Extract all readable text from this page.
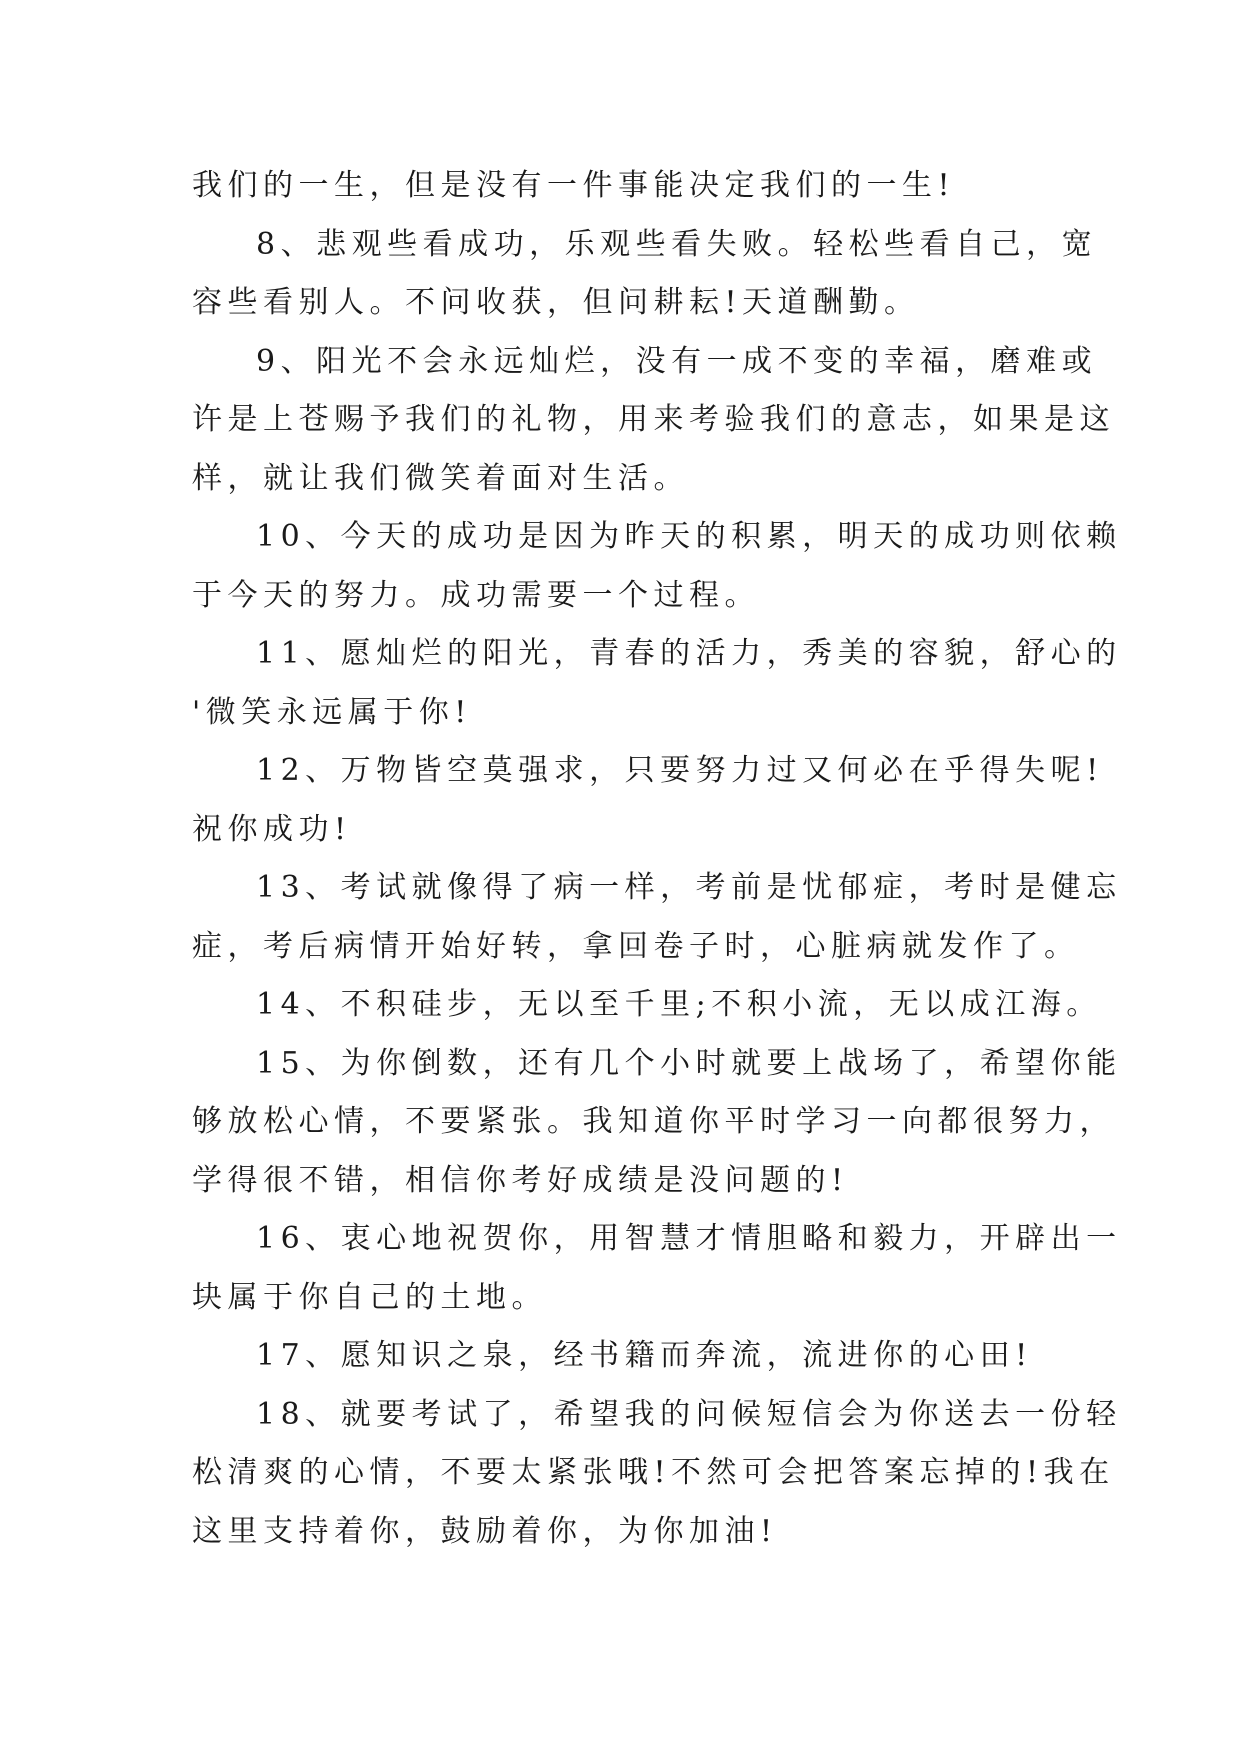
我们的一生，但是没有一件事能决定我们的一生!
8、悲观些看成功，乐观些看失败。轻松些看自己，宽
容些看别人。不问收获，但问耕耘!天道酬勤。
9、阳光不会永远灿烂，没有一成不变的幸福，磨难或
许是上苍赐予我们的礼物，用来考验我们的意志，如果是这
样，就让我们微笑着面对生活。
10、今天的成功是因为昨天的积累，明天的成功则依赖
于今天的努力。成功需要一个过程。
11、愿灿烂的阳光，青春的活力，秀美的容貌，舒心的
'微笑永远属于你!
12、万物皆空莫强求，只要努力过又何必在乎得失呢!
祝你成功!
13、考试就像得了病一样，考前是忧郁症，考时是健忘
症，考后病情开始好转，拿回卷子时，心脏病就发作了。
14、不积硅步，无以至千里;不积小流，无以成江海。
15、为你倒数，还有几个小时就要上战场了，希望你能
够放松心情，不要紧张。我知道你平时学习一向都很努力，
学得很不错，相信你考好成绩是没问题的!
16、衷心地祝贺你，用智慧才情胆略和毅力，开辟出一
块属于你自己的土地。
17、愿知识之泉，经书籍而奔流，流进你的心田!
18、就要考试了，希望我的问候短信会为你送去一份轻
松清爽的心情，不要太紧张哦!不然可会把答案忘掉的!我在
这里支持着你，鼓励着你，为你加油!
